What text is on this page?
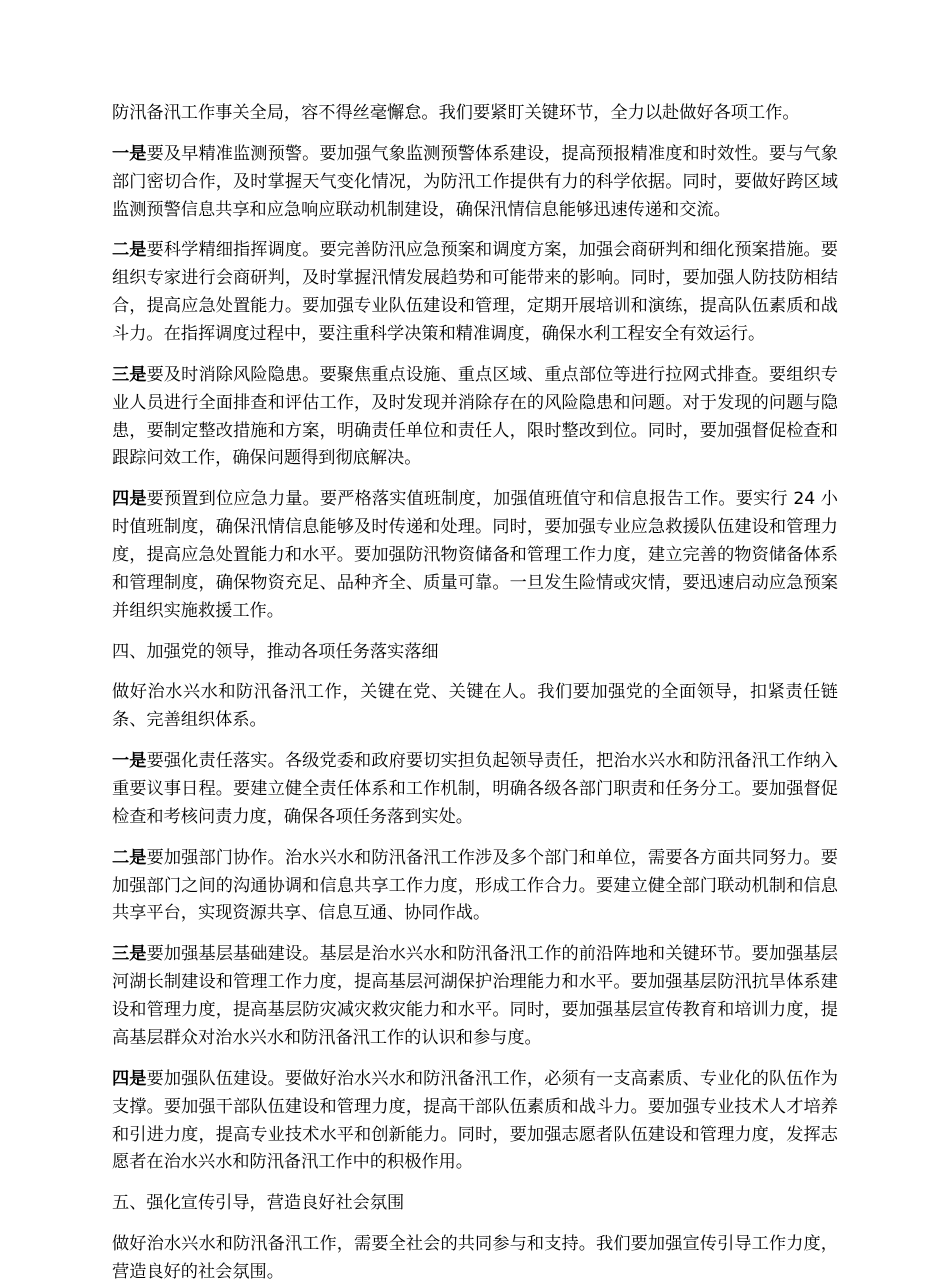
防汛备汛工作事关全局，容不得丝毫懈怠。我们要紧盯关键环节，全力以赴做好各项工作。

一是要及早精准监测预警。要加强气象监测预警体系建设，提高预报精准度和时效性。要与气象部门密切合作，及时掌握天气变化情况，为防汛工作提供有力的科学依据。同时，要做好跨区域监测预警信息共享和应急响应联动机制建设，确保汛情信息能够迅速传递和交流。

二是要科学精细指挥调度。要完善防汛应急预案和调度方案，加强会商研判和细化预案措施。要组织专家进行会商研判，及时掌握汛情发展趋势和可能带来的影响。同时，要加强人防技防相结合，提高应急处置能力。要加强专业队伍建设和管理，定期开展培训和演练，提高队伍素质和战斗力。在指挥调度过程中，要注重科学决策和精准调度，确保水利工程安全有效运行。

三是要及时消除风险隐患。要聚焦重点设施、重点区域、重点部位等进行拉网式排查。要组织专业人员进行全面排查和评估工作，及时发现并消除存在的风险隐患和问题。对于发现的问题与隐患，要制定整改措施和方案，明确责任单位和责任人，限时整改到位。同时，要加强督促检查和跟踪问效工作，确保问题得到彻底解决。

四是要预置到位应急力量。要严格落实值班制度，加强值班值守和信息报告工作。要实行 24 小时值班制度，确保汛情信息能够及时传递和处理。同时，要加强专业应急救援队伍建设和管理力度，提高应急处置能力和水平。要加强防汛物资储备和管理工作力度，建立完善的物资储备体系和管理制度，确保物资充足、品种齐全、质量可靠。一旦发生险情或灾情，要迅速启动应急预案并组织实施救援工作。

四、加强党的领导，推动各项任务落实落细

做好治水兴水和防汛备汛工作，关键在党、关键在人。我们要加强党的全面领导，扣紧责任链条、完善组织体系。

一是要强化责任落实。各级党委和政府要切实担负起领导责任，把治水兴水和防汛备汛工作纳入重要议事日程。要建立健全责任体系和工作机制，明确各级各部门职责和任务分工。要加强督促检查和考核问责力度，确保各项任务落到实处。

二是要加强部门协作。治水兴水和防汛备汛工作涉及多个部门和单位，需要各方面共同努力。要加强部门之间的沟通协调和信息共享工作力度，形成工作合力。要建立健全部门联动机制和信息共享平台，实现资源共享、信息互通、协同作战。

三是要加强基层基础建设。基层是治水兴水和防汛备汛工作的前沿阵地和关键环节。要加强基层河湖长制建设和管理工作力度，提高基层河湖保护治理能力和水平。要加强基层防汛抗旱体系建设和管理力度，提高基层防灾减灾救灾能力和水平。同时，要加强基层宣传教育和培训力度，提高基层群众对治水兴水和防汛备汛工作的认识和参与度。

四是要加强队伍建设。要做好治水兴水和防汛备汛工作，必须有一支高素质、专业化的队伍作为支撑。要加强干部队伍建设和管理力度，提高干部队伍素质和战斗力。要加强专业技术人才培养和引进力度，提高专业技术水平和创新能力。同时，要加强志愿者队伍建设和管理力度，发挥志愿者在治水兴水和防汛备汛工作中的积极作用。

五、强化宣传引导，营造良好社会氛围

做好治水兴水和防汛备汛工作，需要全社会的共同参与和支持。我们要加强宣传引导工作力度，营造良好的社会氛围。
